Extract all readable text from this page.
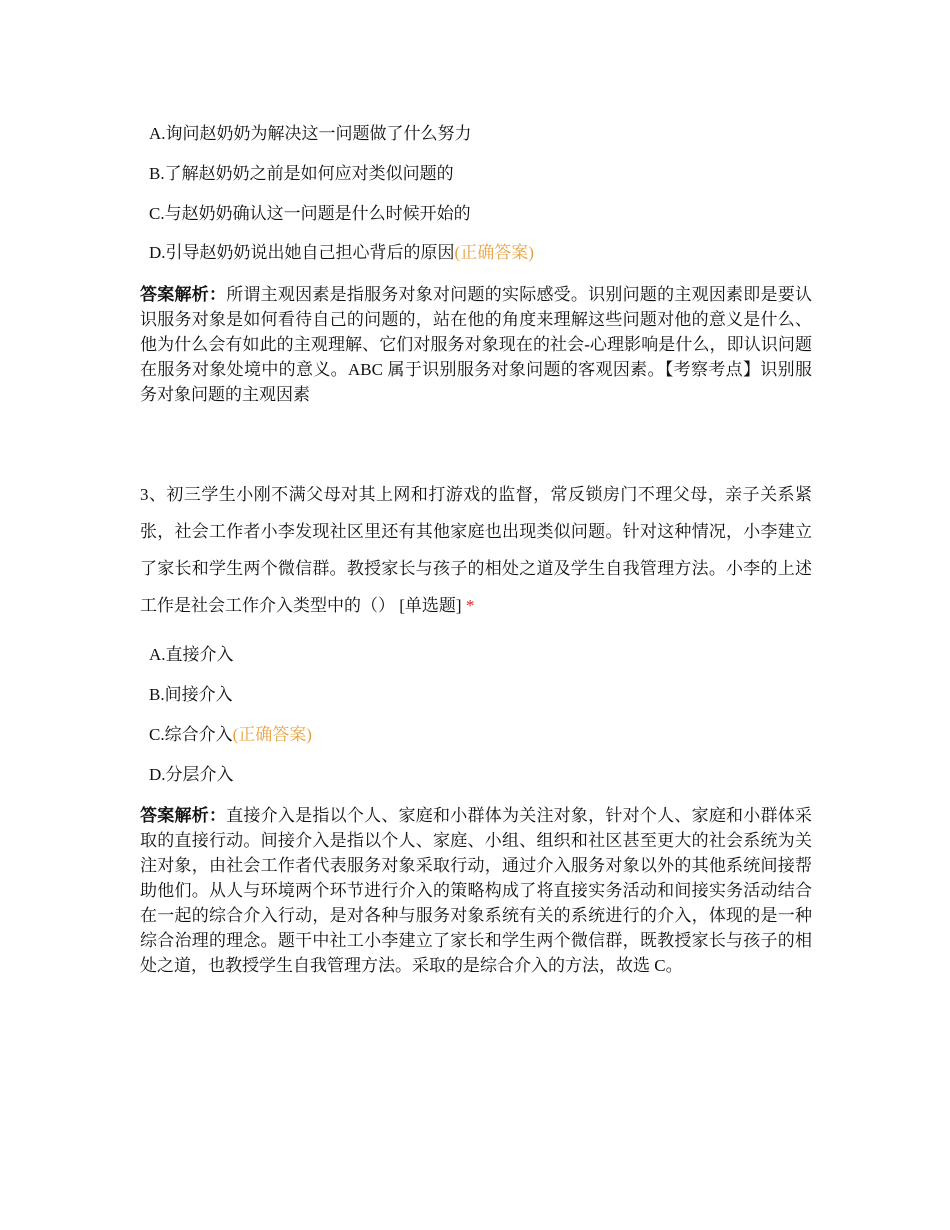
A.询问赵奶奶为解决这一问题做了什么努力
B.了解赵奶奶之前是如何应对类似问题的
C.与赵奶奶确认这一问题是什么时候开始的
D.引导赵奶奶说出她自己担心背后的原因(正确答案)
答案解析：所谓主观因素是指服务对象对问题的实际感受。识别问题的主观因素即是要认识服务对象是如何看待自己的问题的，站在他的角度来理解这些问题对他的意义是什么、他为什么会有如此的主观理解、它们对服务对象现在的社会-心理影响是什么，即认识问题在服务对象处境中的意义。ABC 属于识别服务对象问题的客观因素。【考察考点】识别服务对象问题的主观因素
3、初三学生小刚不满父母对其上网和打游戏的监督，常反锁房门不理父母，亲子关系紧张，社会工作者小李发现社区里还有其他家庭也出现类似问题。针对这种情况，小李建立了家长和学生两个微信群。教授家长与孩子的相处之道及学生自我管理方法。小李的上述工作是社会工作介入类型中的（） [单选题] *
A.直接介入
B.间接介入
C.综合介入(正确答案)
D.分层介入
答案解析：直接介入是指以个人、家庭和小群体为关注对象，针对个人、家庭和小群体采取的直接行动。间接介入是指以个人、家庭、小组、组织和社区甚至更大的社会系统为关注对象，由社会工作者代表服务对象采取行动，通过介入服务对象以外的其他系统间接帮助他们。从人与环境两个环节进行介入的策略构成了将直接实务活动和间接实务活动结合在一起的综合介入行动，是对各种与服务对象系统有关的系统进行的介入，体现的是一种综合治理的理念。题干中社工小李建立了家长和学生两个微信群，既教授家长与孩子的相处之道，也教授学生自我管理方法。采取的是综合介入的方法，故选 C。
